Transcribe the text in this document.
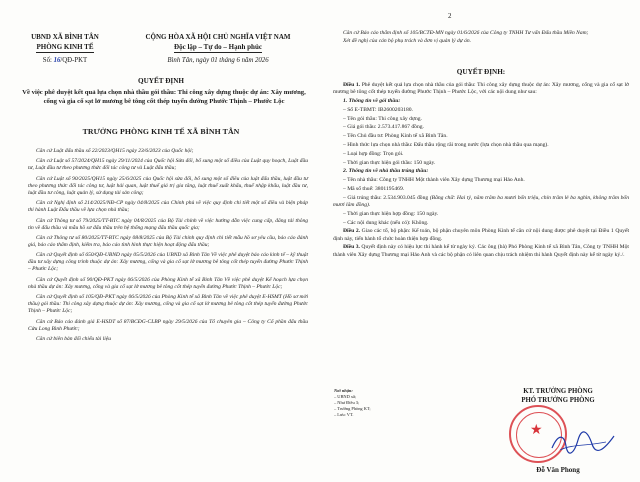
UBND XÃ BÌNH TÂN
PHÒNG KINH TẾ
Số: 16/QĐ-PKT
CỘNG HÒA XÃ HỘI CHỦ NGHĨA VIỆT NAM
Độc lập – Tự do – Hạnh phúc
Bình Tân, ngày 01 tháng 6 năm 2026
QUYẾT ĐỊNH
Về việc phê duyệt kết quả lựa chọn nhà thầu gói thầu: Thi công xây dựng thuộc dự án: Xây mương, cống và gia cố sạt lở mương bê tông cốt thép tuyến đường Phước Thịnh – Phước Lộc
TRƯỞNG PHÒNG KINH TẾ XÃ BÌNH TÂN

Căn cứ Luật đấu thầu số 22/2023/QH15 ngày 23/6/2023 của Quốc hội;

Căn cứ Luật số 57/2024/QH15 ngày 29/11/2024 của Quốc hội Sửa đổi, bổ sung một số điều của Luật quy hoạch, Luật đầu tư, Luật đầu tư theo phương thức đối tác công tư và Luật đấu thầu;

Căn cứ Luật số 90/2025/QH15 ngày 25/6/2025 của Quốc hội sửa đổi, bổ sung một số điều của luật đấu thầu, luật đầu tư theo phương thức đối tác công tư, luật hải quan, luật thuế giá trị gia tăng, luật thuế xuất khẩu, thuế nhập khẩu, luật đầu tư, luật đầu tư công, luật quản lý, sử dụng tài sản công;

Căn cứ Nghị định số 214/2025/NĐ-CP ngày 04/8/2025 của Chính phủ về việc quy định chi tiết một số điều và biện pháp thi hành Luật Đấu thầu về lựa chọn nhà thầu;

Căn cứ Thông tư số 79/2025/TT-BTC ngày 04/8/2025 của Bộ Tài chính về việc hướng dẫn việc cung cấp, đăng tải thông tin về đấu thầu và mẫu hồ sơ đấu thầu trên hệ thống mạng đấu thầu quốc gia;

Căn cứ Thông tư số 80/2025/TT-BTC ngày 08/8/2025 của Bộ Tài chính quy định chi tiết mẫu hồ sơ yêu cầu, báo cáo đánh giá, báo cáo thẩm định, kiểm tra, báo cáo tình hình thực hiện hoạt động đấu thầu;

Căn cứ Quyết định số 650/QĐ-UBND ngày 05/5/2026 của UBND xã Bình Tân Về việc phê duyệt báo cáo kinh tế – kỹ thuật đầu tư xây dựng công trình thuộc dự án: Xây mương, cống và gia cố sạt lở mương bê tông cốt thép tuyến đường Phước Thịnh – Phước Lộc;

Căn cứ Quyết định số 90/QĐ-PKT ngày 06/5/2026 của Phòng Kinh tế xã Bình Tân Về việc phê duyệt Kế hoạch lựa chọn nhà thầu dự án: Xây mương, cống và gia cố sạt lở mương bê tông cốt thép tuyến đường Phước Thịnh – Phước Lộc;

Căn cứ Quyết định số 105/QĐ-PKT ngày 06/5/2026 của Phòng Kinh tế xã Bình Tân về việc phê duyệt E-HSMT (Hồ sơ mời thầu) gói thầu: Thi công xây dựng thuộc dự án: Xây mương, cống và gia cố sạt lở mương bê tông cốt thép tuyến đường Phước Thịnh – Phước Lộc;

Căn cứ Báo cáo đánh giá E-HSDT số 87/BCĐG-CLBP ngày 29/5/2026 của Tổ chuyên gia – Công ty Cổ phần đấu thầu Cửu Long Bình Phước;

Căn cứ biên bản đối chiếu tài liệu

2

Căn cứ Báo cáo thẩm định số 105/BCTĐ-MN ngày 01/6/2026 của Công ty TNHH Tư vấn Đấu thầu Miền Nam;

Xét đề nghị của cán bộ phụ trách và đơn vị quản lý dự án.

QUYẾT ĐỊNH:

Điều 1. Phê duyệt kết quả lựa chọn nhà thầu của gói thầu: Thi công xây dựng thuộc dự án: Xây mương, cống và gia cố sạt lở mương bê tông cốt thép tuyến đường Phước Thịnh – Phước Lộc, với các nội dung như sau:

1. Thông tin về gói thầu:

– Số E-TBMT: IB2600203180.

– Tên gói thầu: Thi công xây dựng.

– Giá gói thầu: 2.573.417.867 đồng.

– Tên Chủ đầu tư: Phòng Kinh tế xã Bình Tân.

– Hình thức lựa chọn nhà thầu: Đấu thầu rộng rãi trong nước (lựa chọn nhà thầu qua mạng).

– Loại hợp đồng: Trọn gói.

– Thời gian thực hiện gói thầu: 150 ngày.

2. Thông tin về nhà thầu trúng thầu:

– Tên nhà thầu: Công ty TNHH Một thành viên Xây dựng Thương mại Hảo Anh.

– Mã số thuế: 3801195469.

– Giá trúng thầu: 2.534.903.045 đồng (Bằng chữ: Hai tỷ, năm trăm ba mươi bốn triệu, chín trăm lẻ ba nghìn, không trăm bốn mươi lăm đồng).

– Thời gian thực hiện hợp đồng: 150 ngày.

– Các nội dung khác (nếu có): Không.

Điều 2. Giao các tổ, bộ phận: Kế toán, bộ phận chuyên môn Phòng Kinh tế căn cứ nội dung được phê duyệt tại Điều 1 Quyết định này, tiến hành tổ chức hoàn thiện hợp đồng.

Điều 3. Quyết định này có hiệu lực thi hành kể từ ngày ký. Các ông (bà) Phó Phòng Kinh tế xã Bình Tân, Công ty TNHH Một thành viên Xây dựng Thương mại Hảo Anh và các bộ phận có liên quan chịu trách nhiệm thi hành Quyết định này kể từ ngày ký./.

Nơi nhận:
– UBND xã;
– Như Điều 3;
– Trưởng Phòng KT;
– Lưu: VT.
KT. TRƯỞNG PHÒNG
PHÓ TRƯỞNG PHÒNG
★
Đỗ Văn Phong
